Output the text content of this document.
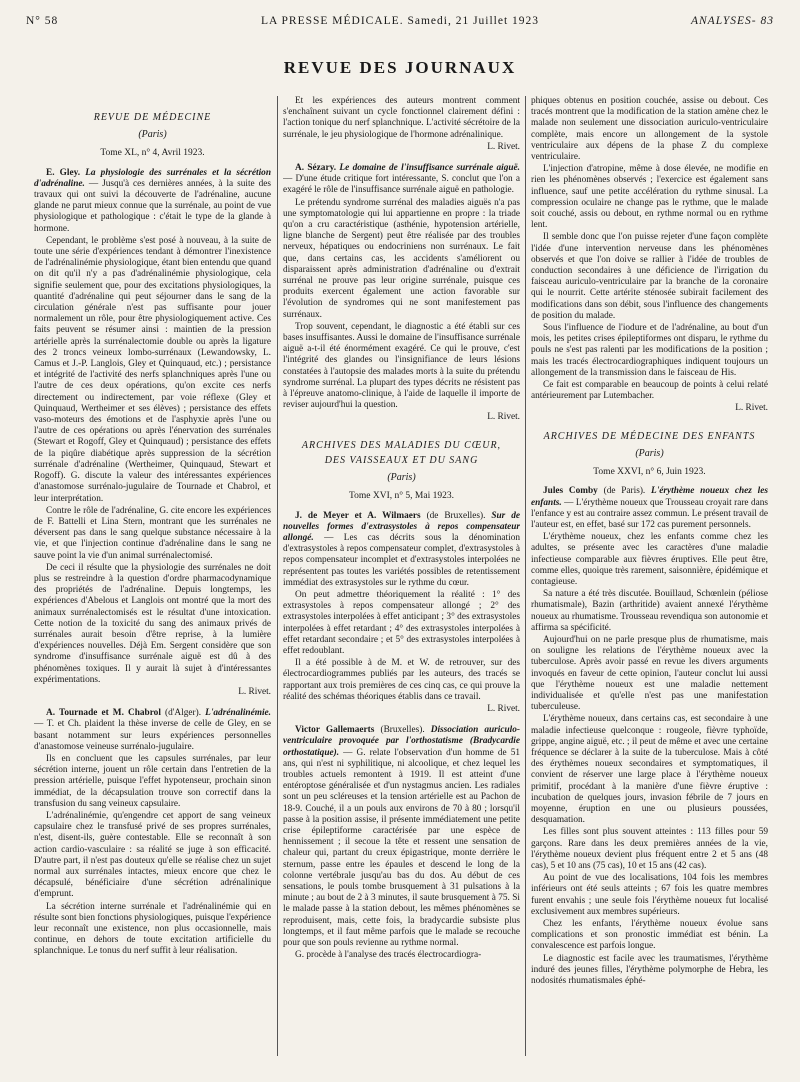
N° 58	LA PRESSE MÉDICALE. Samedi, 21 Juillet 1923	ANALYSES- 83
REVUE DES JOURNAUX
REVUE DE MÉDECINE
(Paris)
Tome XL, n° 4, Avril 1923.

E. Gley. La physiologie des surrénales et la sécrétion d'adrénaline. — Jusqu'à ces dernières années, à la suite des travaux qui ont suivi la découverte de l'adrénaline, aucune glande ne parut mieux connue que la surrénale, au point de vue physiologique et pathologique : c'était le type de la glande à hormone.

Cependant, le problème s'est posé à nouveau, à la suite de toute une série d'expériences tendant à démontrer l'inexistence de l'adrénalinémie physiologique, étant bien entendu que quand on dit qu'il n'y a pas d'adrénalinémie physiologique, cela signifie seulement que, pour des excitations physiologiques, la quantité d'adrénaline qui peut séjourner dans le sang de la circulation générale n'est pas suffisante pour jouer normalement un rôle, pour être physiologiquement active. Ces faits peuvent se résumer ainsi : maintien de la pression artérielle après la surrénalectomie double ou après la ligature des 2 troncs veineux lombo-surrénaux (Lewandowsky, L. Camus et J.-P. Langlois, Gley et Quinquaud, etc.) ; persistance et intégrité de l'activité des nerfs splanchniques après l'une ou l'autre de ces deux opérations, qu'on excite ces nerfs directement ou indirectement, par voie réflexe (Gley et Quinquaud, Wertheimer et ses élèves) ; persistance des effets vaso-moteurs des émotions et de l'asphyxie après l'une ou l'autre de ces opérations ou après l'énervation des surrénales (Stewart et Rogoff, Gley et Quinquaud) ; persistance des effets de la piqûre diabétique après suppression de la sécrétion surrénale d'adrénaline (Wertheimer, Quinquaud, Stewart et Rogoff). G. discute la valeur des intéressantes expériences d'anastomose surrénalo-jugulaire de Tournade et Chabrol, et leur interprétation.

Contre le rôle de l'adrénaline, G. cite encore les expériences de F. Battelli et Lina Stern, montrant que les surrénales ne déversent pas dans le sang quelque substance nécessaire à la vie, et que l'injection continue d'adrénaline dans le sang ne sauve point la vie d'un animal surrénalectomisé.

De ceci il résulte que la physiologie des surrénales ne doit plus se restreindre à la question d'ordre pharmacodynamique des propriétés de l'adrénaline. Depuis longtemps, les expériences d'Abelous et Langlois ont montré que la mort des animaux surrénalectomisés est le résultat d'une intoxication. Cette notion de la toxicité du sang des animaux privés de surrénales aurait besoin d'être reprise, à la lumière d'expériences nouvelles. Déjà Em. Sergent considère que son syndrome d'insuffisance surrénale aiguë est dû à des phénomènes toxiques. Il y aurait là sujet à d'intéressantes expérimentations.

L. Rivet.

A. Tournade et M. Chabrol (d'Alger). L'adrénalinémie. — T. et Ch. plaident la thèse inverse de celle de Gley, en se basant notamment sur leurs expériences personnelles d'anastomose veineuse surrénalo-jugulaire.

Ils en concluent que les capsules surrénales, par leur sécrétion interne, jouent un rôle certain dans l'entretien de la pression artérielle, puisque l'effet hypotenseur, prochain sinon immédiat, de la décapsulation trouve son correctif dans la transfusion du sang veineux capsulaire.

L'adrénalinémie, qu'engendre cet apport de sang veineux capsulaire chez le transfusé privé de ses propres surrénales, n'est, disent-ils, guère contestable. Elle se reconnaît à son action cardio-vasculaire : sa réalité se juge à son efficacité. D'autre part, il n'est pas douteux qu'elle se réalise chez un sujet normal aux surrénales intactes, mieux encore que chez le décapsulé, bénéficiaire d'une sécrétion adrénalinique d'emprunt.

La sécrétion interne surrénale et l'adrénalinémie qui en résulte sont bien fonctions physiologiques, puisque l'expérience leur reconnaît une existence, non plus occasionnelle, mais continue, en dehors de toute excitation artificielle du splanchnique. Le tonus du nerf suffit à leur réalisation.

Et les expériences des auteurs montrent comment s'enchaînent suivant un cycle fonctionnel clairement défini : l'action tonique du nerf splanchnique. L'activité sécrétoire de la surrénale, le jeu physiologique de l'hormone adrénalinique.

L. Rivet.

A. Sézary. Le domaine de l'insuffisance surrénale aiguë. — D'une étude critique fort intéressante, S. conclut que l'on a exagéré le rôle de l'insuffisance surrénale aiguë en pathologie.

Le prétendu syndrome surrénal des maladies aiguës n'a pas une symptomatologie qui lui appartienne en propre : la triade qu'on a cru caractéristique (asthénie, hypotension artérielle, ligne blanche de Sergent) peut être réalisée par des troubles nerveux, hépatiques ou endocriniens non surrénaux. Le fait que, dans certains cas, les accidents s'améliorent ou disparaissent après administration d'adrénaline ou d'extrait surrénal ne prouve pas leur origine surrénale, puisque ces produits exercent également une action favorable sur l'évolution de syndromes qui ne sont manifestement pas surrénaux.

Trop souvent, cependant, le diagnostic a été établi sur ces bases insuffisantes. Aussi le domaine de l'insuffisance surrénale aiguë a-t-il été énormément exagéré. Ce qui le prouve, c'est l'intégrité des glandes ou l'insignifiance de leurs lésions constatées à l'autopsie des malades morts à la suite du prétendu syndrome surrénal. La plupart des types décrits ne résistent pas à l'épreuve anatomo-clinique, à l'aide de laquelle il importe de reviser aujourd'hui la question.

L. Rivet.
ARCHIVES DES MALADIES DU CŒUR,
DES VAISSEAUX ET DU SANG
(Paris)
Tome XVI, n° 5, Mai 1923.

J. de Meyer et A. Wilmaers (de Bruxelles). Sur de nouvelles formes d'extrasystoles à repos compensateur allongé. — Les cas décrits sous la dénomination d'extrasystoles à repos compensateur complet, d'extrasystoles à repos compensateur incomplet et d'extrasystoles interpolées ne représentent pas toutes les variétés possibles de retentissement immédiat des extrasystoles sur le rythme du cœur.

On peut admettre théoriquement la réalité : 1° des extrasystoles à repos compensateur allongé ; 2° des extrasystoles interpolées à effet anticipant ; 3° des extrasystoles interpolées à effet retardant ; 4° des extrasystoles interpolées à effet retardant secondaire ; et 5° des extrasystoles interpolées à effet redoublant.

Il a été possible à de M. et W. de retrouver, sur des électrocardiogrammes publiés par les auteurs, des tracés se rapportant aux trois premières de ces cinq cas, ce qui prouve la réalité des schémas théoriques établis dans ce travail.

L. Rivet.

Victor Gallemaerts (Bruxelles). Dissociation auriculo-ventriculaire provoquée par l'orthostatisme (Bradycardie orthostatique). — G. relate l'observation d'un homme de 51 ans, qui n'est ni syphilitique, ni alcoolique, et chez lequel les troubles actuels remontent à 1919. Il est atteint d'une entéroptose généralisée et d'un nystagmus ancien. Les radiales sont un peu scléreuses et la tension artérielle est au Pachon de 18-9. Couché, il a un pouls aux environs de 70 à 80 ; lorsqu'il passe à la position assise, il présente immédiatement une petite crise épileptiforme caractérisée par une espèce de hennissement ; il secoue la tête et ressent une sensation de chaleur qui, partant du creux épigastrique, monte derrière le sternum, passe entre les épaules et descend le long de la colonne vertébrale jusqu'au bas du dos. Au début de ces sensations, le pouls tombe brusquement à 31 pulsations à la minute ; au bout de 2 à 3 minutes, il saute brusquement à 75. Si le malade passe à la station debout, les mêmes phénomènes se reproduisent, mais, cette fois, la bradycardie subsiste plus longtemps, et il faut même parfois que le malade se recouche pour que son pouls revienne au rythme normal.

G. procède à l'analyse des tracés électrocardiogra-

phiques obtenus en position couchée, assise ou debout. Ces tracés montrent que la modification de la station amène chez le malade non seulement une dissociation auriculo-ventriculaire complète, mais encore un allongement de la systole ventriculaire aux dépens de la phase Z du complexe ventriculaire.

L'injection d'atropine, même à dose élevée, ne modifie en rien les phénomènes observés ; l'exercice est également sans influence, sauf une petite accélération du rythme sinusal. La compression oculaire ne change pas le rythme, que le malade soit couché, assis ou debout, en rythme normal ou en rythme lent.

Il semble donc que l'on puisse rejeter d'une façon complète l'idée d'une intervention nerveuse dans les phénomènes observés et que l'on doive se rallier à l'idée de troubles de conduction secondaires à une déficience de l'irrigation du faisceau auriculo-ventriculaire par la branche de la coronaire qui le nourrit. Cette artérite sténosée subirait facilement des modifications dans son débit, sous l'influence des changements de position du malade.

Sous l'influence de l'iodure et de l'adrénaline, au bout d'un mois, les petites crises épileptiformes ont disparu, le rythme du pouls ne s'est pas ralenti par les modifications de la position ; mais les tracés électrocardiographiques indiquent toujours un allongement de la transmission dans le faisceau de His.

Ce fait est comparable en beaucoup de points à celui relaté antérieurement par Lutembacher.

L. Rivet.
ARCHIVES DE MÉDECINE DES ENFANTS
(Paris)
Tome XXVI, n° 6, Juin 1923.

Jules Comby (de Paris). L'érythème noueux chez les enfants. — L'érythème noueux que Trousseau croyait rare dans l'enfance y est au contraire assez commun. Le présent travail de l'auteur est, en effet, basé sur 172 cas purement personnels.

L'érythème noueux, chez les enfants comme chez les adultes, se présente avec les caractères d'une maladie infectieuse comparable aux fièvres éruptives. Elle peut être, comme elles, quoique très rarement, saisonnière, épidémique et contagieuse.

Sa nature a été très discutée. Bouillaud, Schœnlein (péliose rhumatismale), Bazin (arthritide) avaient annexé l'érythème noueux au rhumatisme. Trousseau revendiqua son autonomie et affirma sa spécificité.

Aujourd'hui on ne parle presque plus de rhumatisme, mais on souligne les relations de l'érythème noueux avec la tuberculose. Après avoir passé en revue les divers arguments invoqués en faveur de cette opinion, l'auteur conclut lui aussi que l'érythème noueux est une maladie nettement individualisée et qu'elle n'est pas une manifestation tuberculeuse.

L'érythème noueux, dans certains cas, est secondaire à une maladie infectieuse quelconque : rougeole, fièvre typhoïde, grippe, angine aiguë, etc. ; il peut de même et avec une certaine fréquence se déclarer à la suite de la tuberculose. Mais à côté des érythèmes noueux secondaires et symptomatiques, il convient de réserver une large place à l'érythème noueux primitif, procédant à la manière d'une fièvre éruptive : incubation de quelques jours, invasion fébrile de 7 jours en moyenne, éruption en une ou plusieurs poussées, desquamation.

Les filles sont plus souvent atteintes : 113 filles pour 59 garçons. Rare dans les deux premières années de la vie, l'érythème noueux devient plus fréquent entre 2 et 5 ans (48 cas), 5 et 10 ans (75 cas), 10 et 15 ans (42 cas).

Au point de vue des localisations, 104 fois les membres inférieurs ont été seuls atteints ; 67 fois les quatre membres furent envahis ; une seule fois l'érythème noueux fut localisé exclusivement aux membres supérieurs.

Chez les enfants, l'érythème noueux évolue sans complications et son pronostic immédiat est bénin. La convalescence est parfois longue.

Le diagnostic est facile avec les traumatismes, l'érythème induré des jeunes filles, l'érythème polymorphe de Hebra, les nodosités rhumatismales éphé-
